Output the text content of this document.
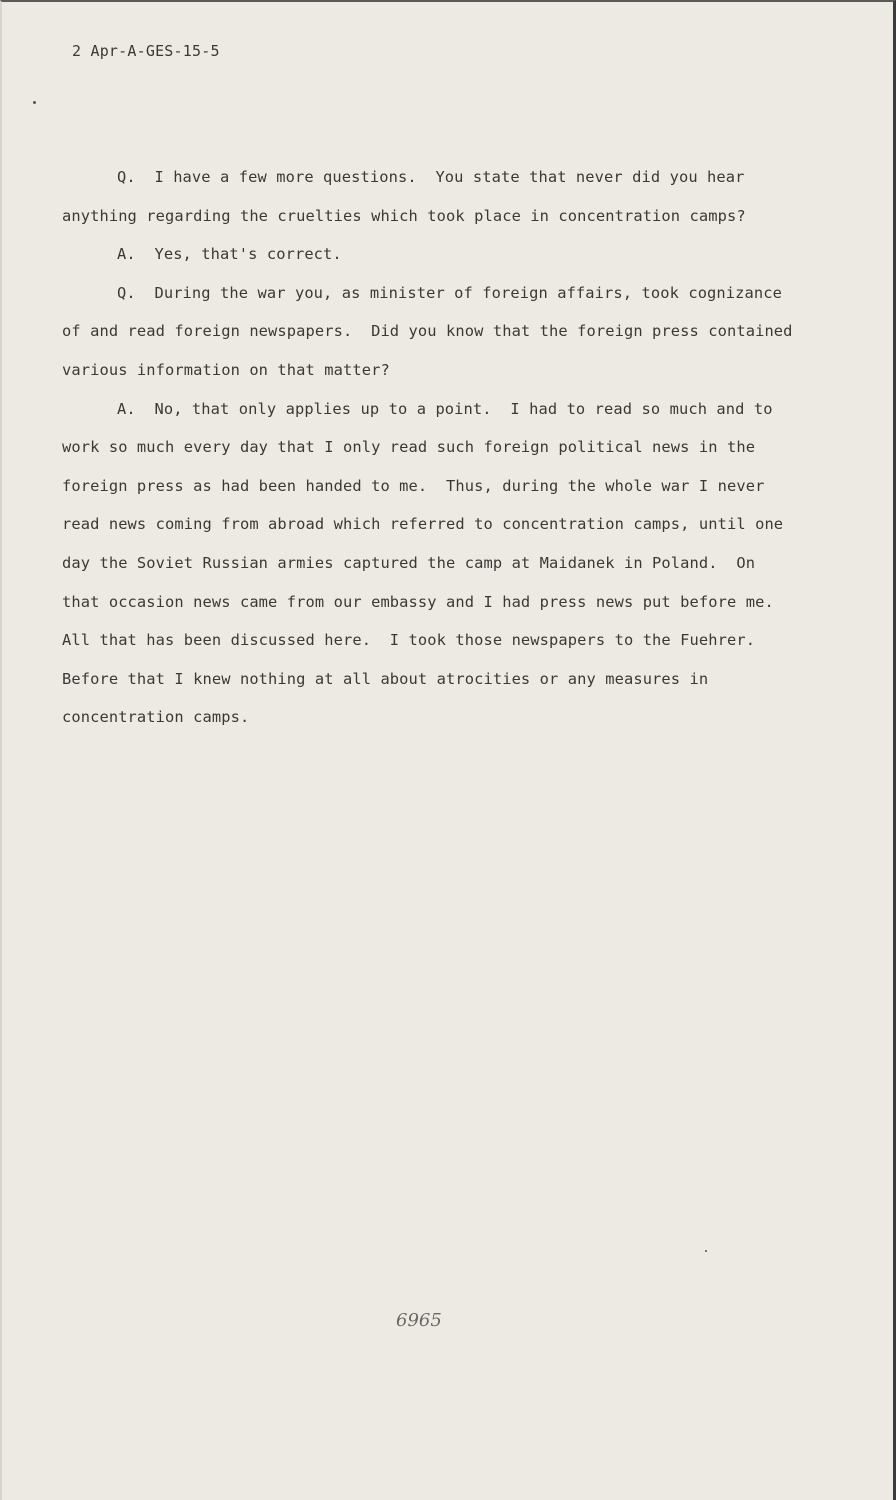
2 Apr-A-GES-15-5
Q.  I have a few more questions.  You state that never did you hear
anything regarding the cruelties which took place in concentration camps?
A.  Yes, that's correct.
Q.  During the war you, as minister of foreign affairs, took cognizance
of and read foreign newspapers.  Did you know that the foreign press contained
various information on that matter?
A.  No, that only applies up to a point.  I had to read so much and to
work so much every day that I only read such foreign political news in the
foreign press as had been handed to me.  Thus, during the whole war I never
read news coming from abroad which referred to concentration camps, until one
day the Soviet Russian armies captured the camp at Maidanek in Poland.  On
that occasion news came from our embassy and I had press news put before me.
All that has been discussed here.  I took those newspapers to the Fuehrer.
Before that I knew nothing at all about atrocities or any measures in
concentration camps.
6965
